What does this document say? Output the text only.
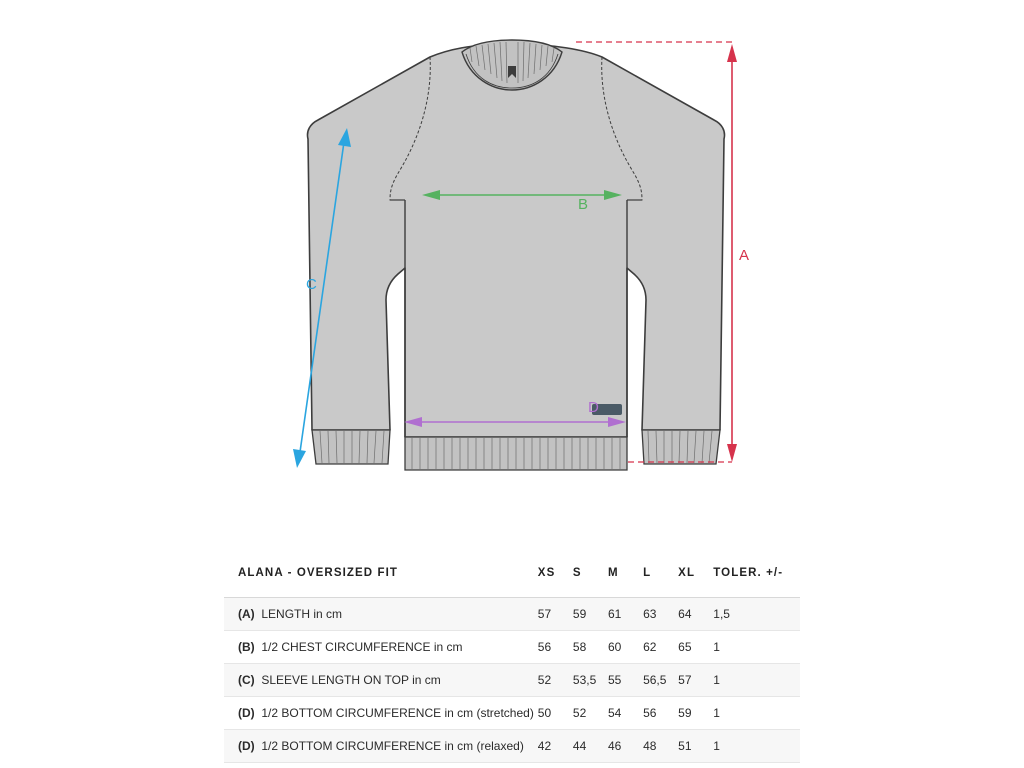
A
B
C
D
ALANA - OVERSIZED FIT	XS	S	M	L	XL	TOLER. +/-
(A)  LENGTH in cm	57	59	61	63	64	1,5
(B)  1/2 CHEST CIRCUMFERENCE in cm	56	58	60	62	65	1
(C)  SLEEVE LENGTH ON TOP in cm	52	53,5	55	56,5	57	1
(D)  1/2 BOTTOM CIRCUMFERENCE in cm (stretched)	50	52	54	56	59	1
(D)  1/2 BOTTOM CIRCUMFERENCE in cm (relaxed)	42	44	46	48	51	1
